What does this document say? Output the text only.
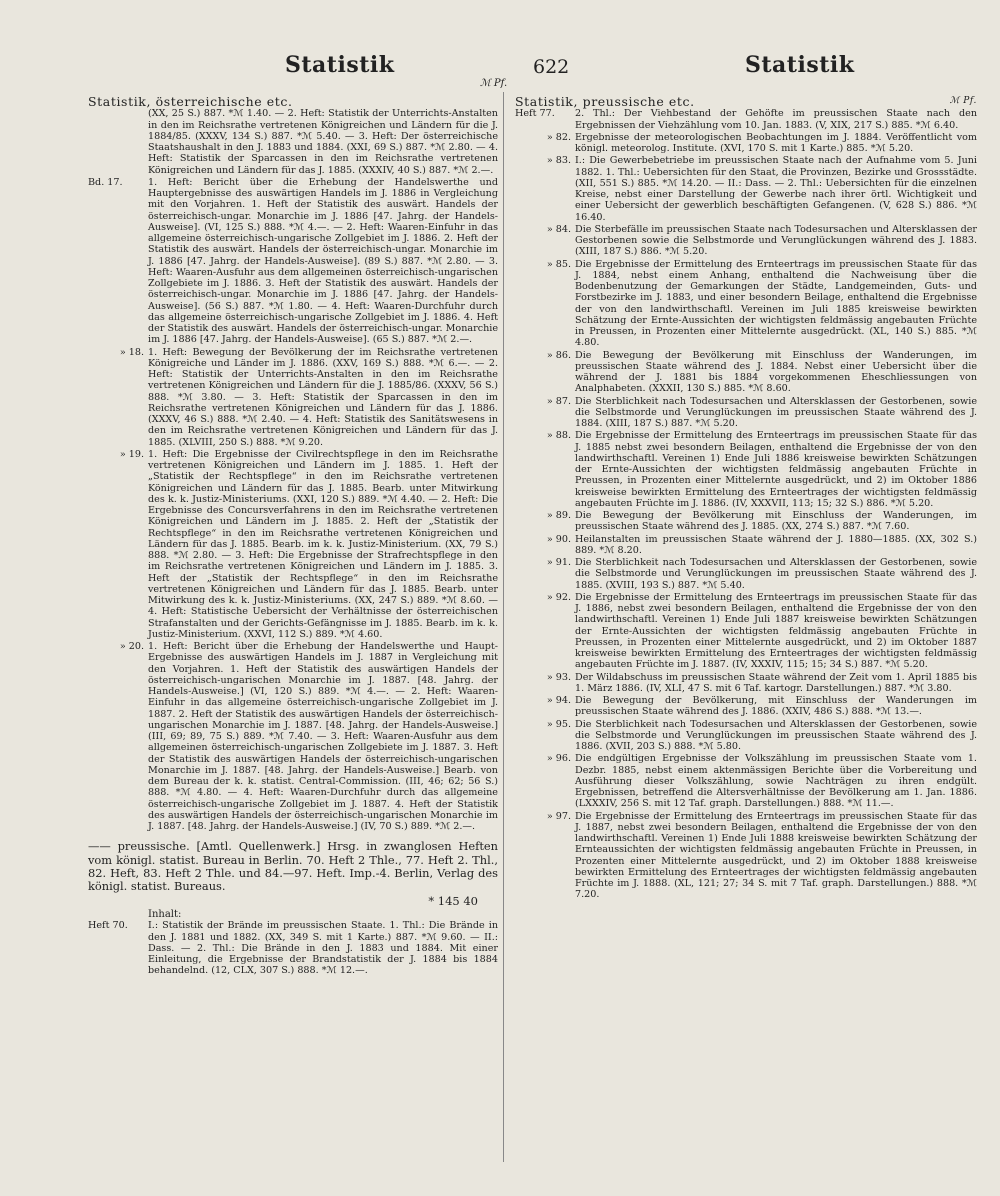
Statistik	622	Statistik
ℳ Pf.
Statistik, österreichische etc.
(XX, 25 S.) 887. *ℳ 1.40. — 2. Heft: Statistik der Unterrichts-Anstalten in den im Reichsrathe vertretenen Königreichen und Ländern für die J. 1884/85. (XXXV, 134 S.) 887. *ℳ 5.40. — 3. Heft: Der österreichische Staatshaushalt in den J. 1883 und 1884. (XXI, 69 S.) 887. *ℳ 2.80. — 4. Heft: Statistik der Sparcassen in den im Reichsrathe vertretenen Königreichen und Ländern für das J. 1885. (XXXIV, 40 S.) 887. *ℳ 2.—.
Bd. 17.	1. Heft: Bericht über die Erhebung der Handelswerthe und Hauptergebnisse des auswärtigen Handels im J. 1886 in Vergleichung mit den Vorjahren. 1. Heft der Statistik des auswärt. Handels der österreichisch-ungar. Monarchie im J. 1886 [47. Jahrg. der Handels-Ausweise]. (VI, 125 S.) 888. *ℳ 4.—. — 2. Heft: Waaren-Einfuhr in das allgemeine österreichisch-ungarische Zollgebiet im J. 1886. 2. Heft der Statistik des auswärt. Handels der österreichisch-ungar. Monarchie im J. 1886 [47. Jahrg. der Handels-Ausweise]. (89 S.) 887. *ℳ 2.80. — 3. Heft: Waaren-Ausfuhr aus dem allgemeinen österreichisch-ungarischen Zollgebiete im J. 1886. 3. Heft der Statistik des auswärt. Handels der österreichisch-ungar. Monarchie im J. 1886 [47. Jahrg. der Handels-Ausweise]. (56 S.) 887. *ℳ 1.80. — 4. Heft: Waaren-Durchfuhr durch das allgemeine österreichisch-ungarische Zollgebiet im J. 1886. 4. Heft der Statistik des auswärt. Handels der österreichisch-ungar. Monarchie im J. 1886 [47. Jahrg. der Handels-Ausweise]. (65 S.) 887. *ℳ 2.—.
» 18. 1. Heft: Bewegung der Bevölkerung der im Reichsrathe vertretenen Königreiche und Länder im J. 1886. (XXV, 169 S.) 888. *ℳ 6.—. — 2. Heft: Statistik der Unterrichts-Anstalten in den im Reichsrathe vertretenen Königreichen und Ländern für die J. 1885/86. (XXXV, 56 S.) 888. *ℳ 3.80. — 3. Heft: Statistik der Sparcassen in den im Reichsrathe vertretenen Königreichen und Ländern für das J. 1886. (XXXV, 46 S.) 888. *ℳ 2.40. — 4. Heft: Statistik des Sanitätswesens in den im Reichsrathe vertretenen Königreichen und Ländern für das J. 1885. (XLVIII, 250 S.) 888. *ℳ 9.20.
» 19. 1. Heft: Die Ergebnisse der Civilrechtspflege in den im Reichsrathe vertretenen Königreichen und Ländern im J. 1885. 1. Heft der „Statistik der Rechtspflege“ in den im Reichsrathe vertretenen Königreichen und Ländern für das J. 1885. Bearb. unter Mitwirkung des k. k. Justiz-Ministeriums. (XXI, 120 S.) 889. *ℳ 4.40. — 2. Heft: Die Ergebnisse des Concursverfahrens in den im Reichsrathe vertretenen Königreichen und Ländern im J. 1885. 2. Heft der „Statistik der Rechtspflege“ in den im Reichsrathe vertretenen Königreichen und Ländern für das J. 1885. Bearb. im k. k. Justiz-Ministerium. (XX, 79 S.) 888. *ℳ 2.80. — 3. Heft: Die Ergebnisse der Strafrechtspflege in den im Reichsrathe vertretenen Königreichen und Ländern im J. 1885. 3. Heft der „Statistik der Rechtspflege“ in den im Reichsrathe vertretenen Königreichen und Ländern für das J. 1885. Bearb. unter Mitwirkung des k. k. Justiz-Ministeriums. (XX, 247 S.) 889. *ℳ 8.60. — 4. Heft: Statistische Uebersicht der Verhältnisse der österreichischen Strafanstalten und der Gerichts-Gefängnisse im J. 1885. Bearb. im k. k. Justiz-Ministerium. (XXVI, 112 S.) 889. *ℳ 4.60.
» 20. 1. Heft: Bericht über die Erhebung der Handelswerthe und Haupt-Ergebnisse des auswärtigen Handels im J. 1887 in Vergleichung mit den Vorjahren. 1. Heft der Statistik des auswärtigen Handels der österreichisch-ungarischen Monarchie im J. 1887. [48. Jahrg. der Handels-Ausweise.] (VI, 120 S.) 889. *ℳ 4.—. — 2. Heft: Waaren-Einfuhr in das allgemeine österreichisch-ungarische Zollgebiet im J. 1887. 2. Heft der Statistik des auswärtigen Handels der österreichisch-ungarischen Monarchie im J. 1887. [48. Jahrg. der Handels-Ausweise.] (III, 69; 89, 75 S.) 889. *ℳ 7.40. — 3. Heft: Waaren-Ausfuhr aus dem allgemeinen österreichisch-ungarischen Zollgebiete im J. 1887. 3. Heft der Statistik des auswärtigen Handels der österreichisch-ungarischen Monarchie im J. 1887. [48. Jahrg. der Handels-Ausweise.] Bearb. von dem Bureau der k. k. statist. Central-Commission. (III, 46; 62; 56 S.) 888. *ℳ 4.80. — 4. Heft: Waaren-Durchfuhr durch das allgemeine österreichisch-ungarische Zollgebiet im J. 1887. 4. Heft der Statistik des auswärtigen Handels der österreichisch-ungarischen Monarchie im J. 1887. [48. Jahrg. der Handels-Ausweise.] (IV, 70 S.) 889. *ℳ 2.—.
—— preussische. [Amtl. Quellenwerk.] Hrsg. in zwanglosen Heften vom königl. statist. Bureau in Berlin. 70. Heft 2 Thle., 77. Heft 2. Thl., 82. Heft, 83. Heft 2 Thle. und 84.—97. Heft. Imp.-4. Berlin, Verlag des königl. statist. Bureaus.
* 145 40
Inhalt:
Heft 70.	I.: Statistik der Brände im preussischen Staate. 1. Thl.: Die Brände in den J. 1881 und 1882. (XX, 349 S. mit 1 Karte.) 887. *ℳ 9.60. — II.: Dass. — 2. Thl.: Die Brände in den J. 1883 und 1884. Mit einer Einleitung, die Ergebnisse der Brandstatistik der J. 1884 bis 1884 behandelnd. (12, CLX, 307 S.) 888. *ℳ 12.—.
Statistik, preussische etc.	ℳ Pf.
Heft 77.	2. Thl.: Der Viehbestand der Gehöfte im preussischen Staate nach den Ergebnissen der Viehzählung vom 10. Jan. 1883. (V, XIX, 217 S.) 885. *ℳ 6.40.
» 82. Ergebnisse der meteorologischen Beobachtungen im J. 1884. Veröffentlicht vom königl. meteorolog. Institute. (XVI, 170 S. mit 1 Karte.) 885. *ℳ 5.20.
» 83. I.: Die Gewerbebetriebe im preussischen Staate nach der Aufnahme vom 5. Juni 1882. 1. Thl.: Uebersichten für den Staat, die Provinzen, Bezirke und Grossstädte. (XII, 551 S.) 885. *ℳ 14.20. — II.: Dass. — 2. Thl.: Uebersichten für die einzelnen Kreise, nebst einer Darstellung der Gewerbe nach ihrer örtl. Wichtigkeit und einer Uebersicht der gewerblich beschäftigten Gefangenen. (V, 628 S.) 886. *ℳ 16.40.
» 84. Die Sterbefälle im preussischen Staate nach Todesursachen und Altersklassen der Gestorbenen sowie die Selbstmorde und Verunglückungen während des J. 1883. (XIII, 187 S.) 886. *ℳ 5.20.
» 85. Die Ergebnisse der Ermittelung des Ernteertrags im preussischen Staate für das J. 1884, nebst einem Anhang, enthaltend die Nachweisung über die Bodenbenutzung der Gemarkungen der Städte, Landgemeinden, Guts- und Forstbezirke im J. 1883, und einer besondern Beilage, enthaltend die Ergebnisse der von den landwirthschaftl. Vereinen im Juli 1885 kreisweise bewirkten Schätzung der Ernte-Aussichten der wichtigsten feldmässig angebauten Früchte in Preussen, in Prozenten einer Mittelernte ausgedrückt. (XL, 140 S.) 885. *ℳ 4.80.
» 86. Die Bewegung der Bevölkerung mit Einschluss der Wanderungen, im preussischen Staate während des J. 1884. Nebst einer Uebersicht über die während der J. 1881 bis 1884 vorgekommenen Eheschliessungen von Analphabeten. (XXXII, 130 S.) 885. *ℳ 8.60.
» 87. Die Sterblichkeit nach Todesursachen und Altersklassen der Gestorbenen, sowie die Selbstmorde und Verunglückungen im preussischen Staate während des J. 1884. (XIII, 187 S.) 887. *ℳ 5.20.
» 88. Die Ergebnisse der Ermittelung des Ernteertrags im preussischen Staate für das J. 1885 nebst zwei besondern Beilagen, enthaltend die Ergebnisse der von den landwirthschaftl. Vereinen 1) Ende Juli 1886 kreisweise bewirkten Schätzungen der Ernte-Aussichten der wichtigsten feldmässig angebauten Früchte in Preussen, in Prozenten einer Mittelernte ausgedrückt, und 2) im Oktober 1886 kreisweise bewirkten Ermittelung des Ernteertrages der wichtigsten feldmässig angebauten Früchte im J. 1886. (IV, XXXVII, 113; 15; 32 S.) 886. *ℳ 5.20.
» 89. Die Bewegung der Bevölkerung mit Einschluss der Wanderungen, im preussischen Staate während des J. 1885. (XX, 274 S.) 887. *ℳ 7.60.
» 90. Heilanstalten im preussischen Staate während der J. 1880—1885. (XX, 302 S.) 889. *ℳ 8.20.
» 91. Die Sterblichkeit nach Todesursachen und Altersklassen der Gestorbenen, sowie die Selbstmorde und Verunglückungen im preussischen Staate während des J. 1885. (XVIII, 193 S.) 887. *ℳ 5.40.
» 92. Die Ergebnisse der Ermittelung des Ernteertrags im preussischen Staate für das J. 1886, nebst zwei besondern Beilagen, enthaltend die Ergebnisse der von den landwirthschaftl. Vereinen 1) Ende Juli 1887 kreisweise bewirkten Schätzungen der Ernte-Aussichten der wichtigsten feldmässig angebauten Früchte in Preussen, in Prozenten einer Mittelernte ausgedrückt, und 2) im Oktober 1887 kreisweise bewirkten Ermittelung des Ernteertrages der wichtigsten feldmässig angebauten Früchte im J. 1887. (IV, XXXIV, 115; 15; 34 S.) 887. *ℳ 5.20.
» 93. Der Wildabschuss im preussischen Staate während der Zeit vom 1. April 1885 bis 1. März 1886. (IV, XLI, 47 S. mit 6 Taf. kartogr. Darstellungen.) 887. *ℳ 3.80.
» 94. Die Bewegung der Bevölkerung, mit Einschluss der Wanderungen im preussischen Staate während des J. 1886. (XXIV, 486 S.) 888. *ℳ 13.—.
» 95. Die Sterblichkeit nach Todesursachen und Altersklassen der Gestorbenen, sowie die Selbstmorde und Verunglückungen im preussischen Staate während des J. 1886. (XVII, 203 S.) 888. *ℳ 5.80.
» 96. Die endgültigen Ergebnisse der Volkszählung im preussischen Staate vom 1. Dezbr. 1885, nebst einem aktenmässigen Berichte über die Vorbereitung und Ausführung dieser Volkszählung, sowie Nachträgen zu ihren endgült. Ergebnissen, betreffend die Altersverhältnisse der Bevölkerung am 1. Jan. 1886. (LXXXIV, 256 S. mit 12 Taf. graph. Darstellungen.) 888. *ℳ 11.—.
» 97. Die Ergebnisse der Ermittelung des Ernteertrags im preussischen Staate für das J. 1887, nebst zwei besondern Beilagen, enthaltend die Ergebnisse der von den landwirthschaftl. Vereinen 1) Ende Juli 1888 kreisweise bewirkten Schätzung der Ernteaussichten der wichtigsten feldmässig angebauten Früchte in Preussen, in Prozenten einer Mittelernte ausgedrückt, und 2) im Oktober 1888 kreisweise bewirkten Ermittelung des Ernteertrages der wichtigsten feldmässig angebauten Früchte im J. 1888. (XL, 121; 27; 34 S. mit 7 Taf. graph. Darstellungen.) 888. *ℳ 7.20.
